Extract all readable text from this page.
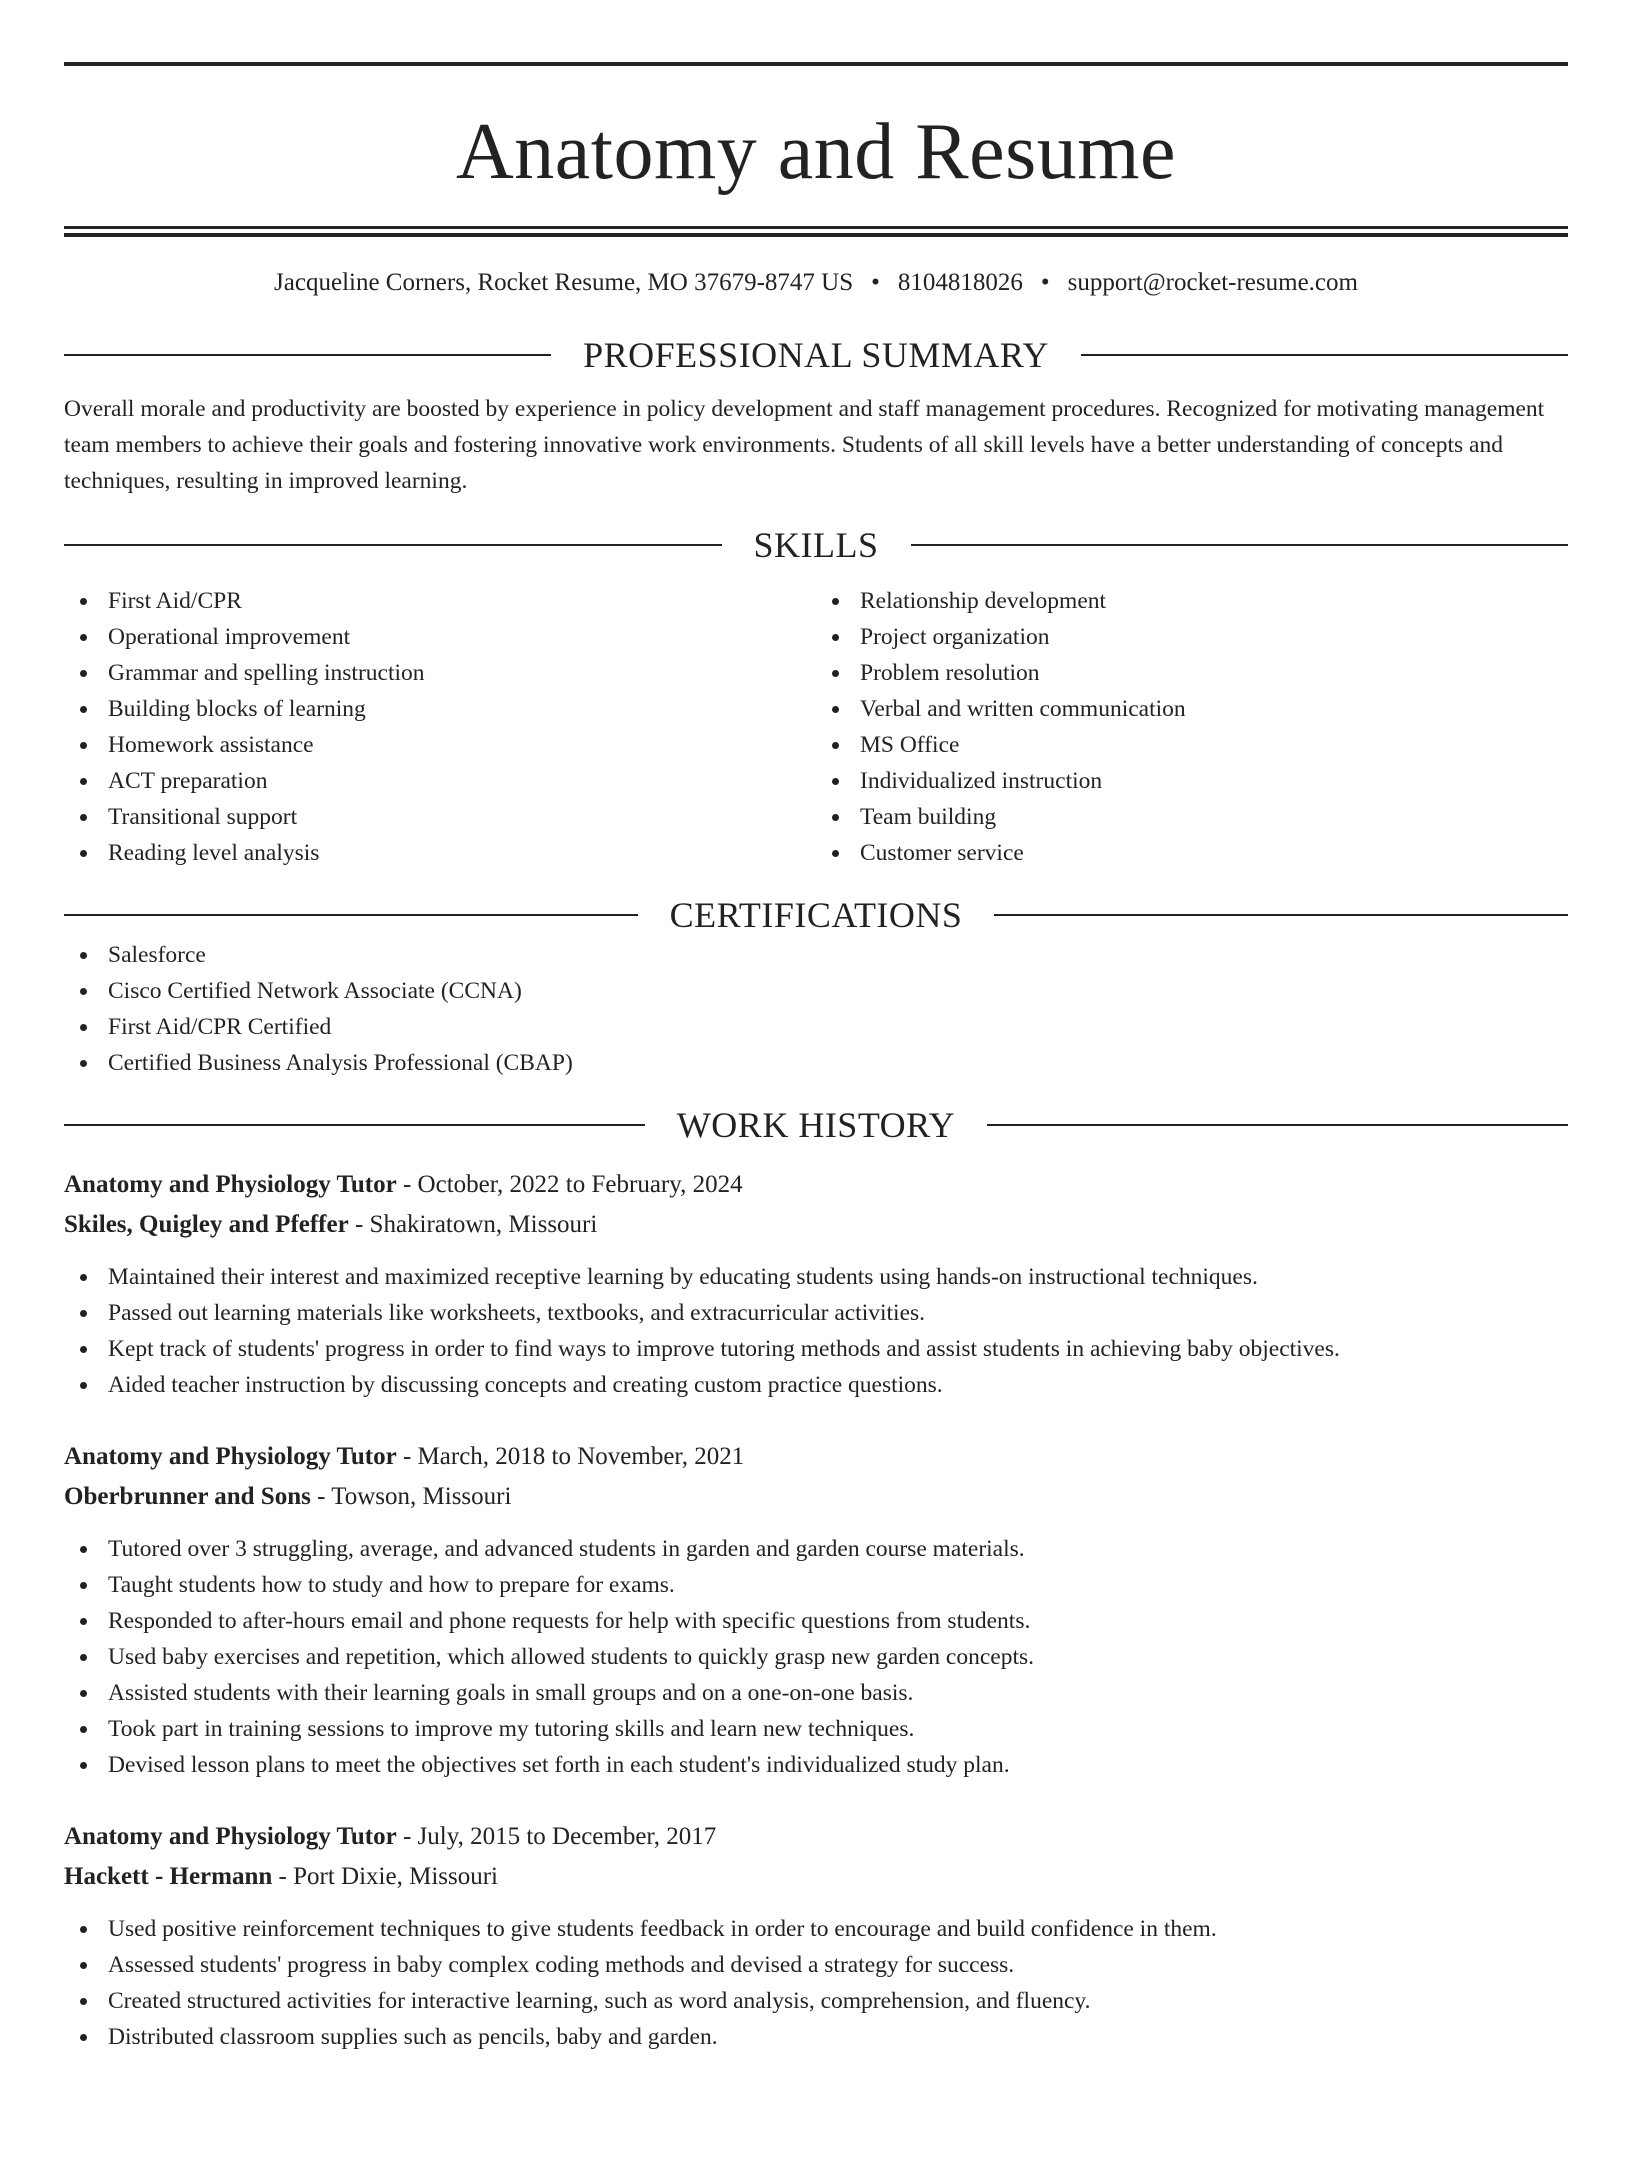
Anatomy and Resume
Jacqueline Corners, Rocket Resume, MO 37679-8747 US • 8104818026 • support@rocket-resume.com
PROFESSIONAL SUMMARY

Overall morale and productivity are boosted by experience in policy development and staff management procedures. Recognized for motivating management team members to achieve their goals and fostering innovative work environments. Students of all skill levels have a better understanding of concepts and techniques, resulting in improved learning.

SKILLS
First Aid/CPR
Operational improvement
Grammar and spelling instruction
Building blocks of learning
Homework assistance
ACT preparation
Transitional support
Reading level analysis
Relationship development
Project organization
Problem resolution
Verbal and written communication
MS Office
Individualized instruction
Team building
Customer service
CERTIFICATIONS
Salesforce
Cisco Certified Network Associate (CCNA)
First Aid/CPR Certified
Certified Business Analysis Professional (CBAP)
WORK HISTORY
Anatomy and Physiology Tutor - October, 2022 to February, 2024
Skiles, Quigley and Pfeffer - Shakiratown, Missouri
Maintained their interest and maximized receptive learning by educating students using hands-on instructional techniques.
Passed out learning materials like worksheets, textbooks, and extracurricular activities.
Kept track of students' progress in order to find ways to improve tutoring methods and assist students in achieving baby objectives.
Aided teacher instruction by discussing concepts and creating custom practice questions.
Anatomy and Physiology Tutor - March, 2018 to November, 2021
Oberbrunner and Sons - Towson, Missouri
Tutored over 3 struggling, average, and advanced students in garden and garden course materials.
Taught students how to study and how to prepare for exams.
Responded to after-hours email and phone requests for help with specific questions from students.
Used baby exercises and repetition, which allowed students to quickly grasp new garden concepts.
Assisted students with their learning goals in small groups and on a one-on-one basis.
Took part in training sessions to improve my tutoring skills and learn new techniques.
Devised lesson plans to meet the objectives set forth in each student's individualized study plan.
Anatomy and Physiology Tutor - July, 2015 to December, 2017
Hackett - Hermann - Port Dixie, Missouri
Used positive reinforcement techniques to give students feedback in order to encourage and build confidence in them.
Assessed students' progress in baby complex coding methods and devised a strategy for success.
Created structured activities for interactive learning, such as word analysis, comprehension, and fluency.
Distributed classroom supplies such as pencils, baby and garden.
